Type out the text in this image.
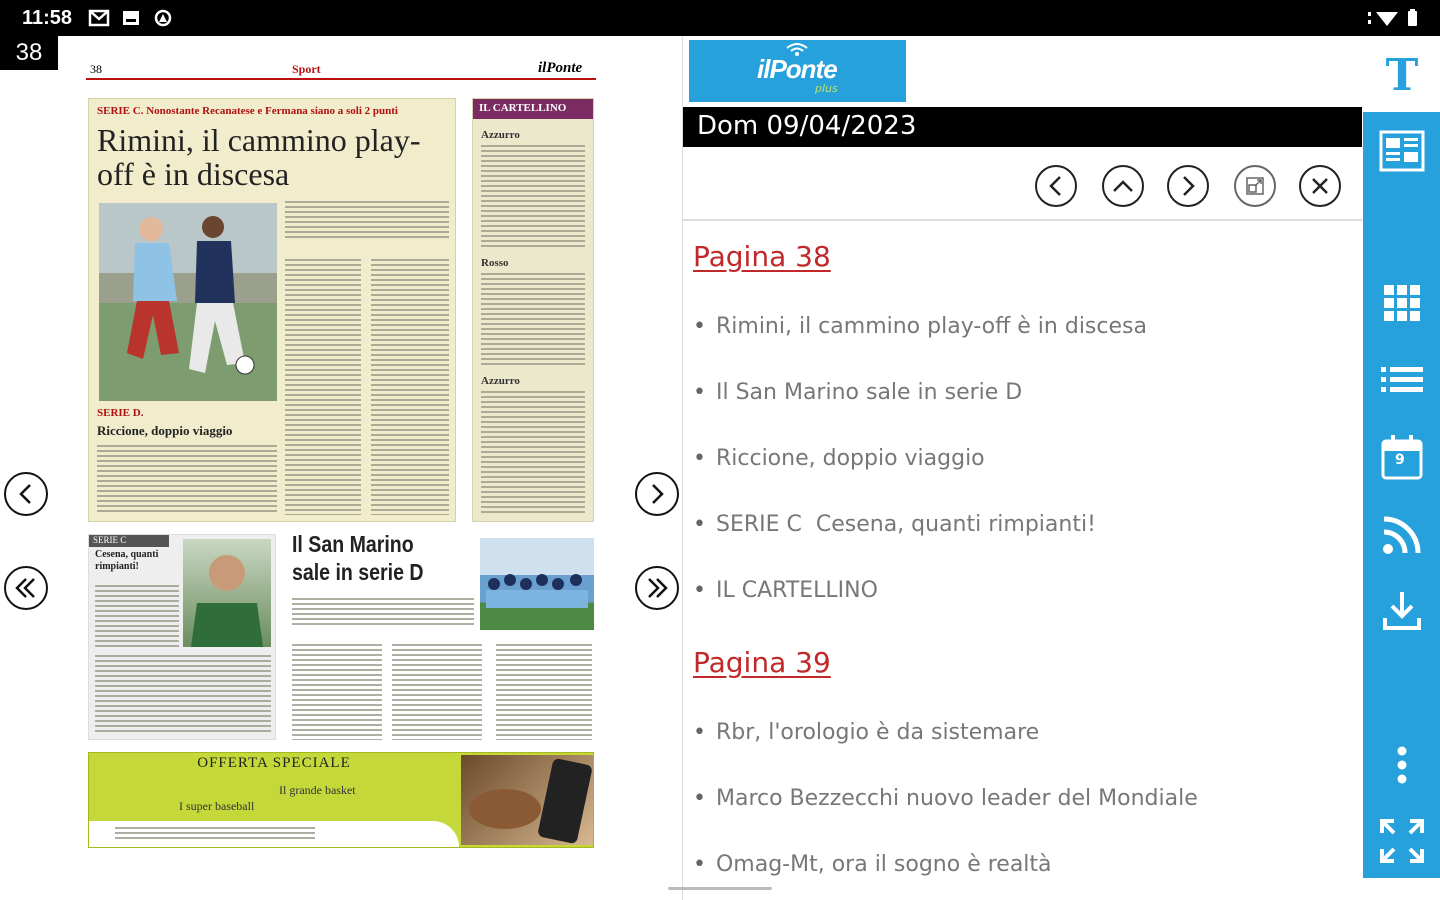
11:58
38
38	Sport	ilPonte
SERIE C. Nonostante Recanatese e Fermana siano a soli 2 punti
Rimini, il cammino play-off è in discesa
SERIE D.
Riccione, doppio viaggio
IL CARTELLINO
Azzurro
Rosso
Azzurro
SERIE C
Cesena, quanti rimpianti!
Il San Marino sale in serie D
OFFERTA SPECIALE
Il grande basket
I super baseball
ilPonte
plus
Dom 09/04/2023
Pagina 38
• Rimini, il cammino play-off è in discesa
• Il San Marino sale in serie D
• Riccione, doppio viaggio
• SERIE C  Cesena, quanti rimpianti!
• IL CARTELLINO
Pagina 39
• Rbr, l'orologio è da sistemare
• Marco Bezzecchi nuovo leader del Mondiale
• Omag-Mt, ora il sogno è realtà
T
9
